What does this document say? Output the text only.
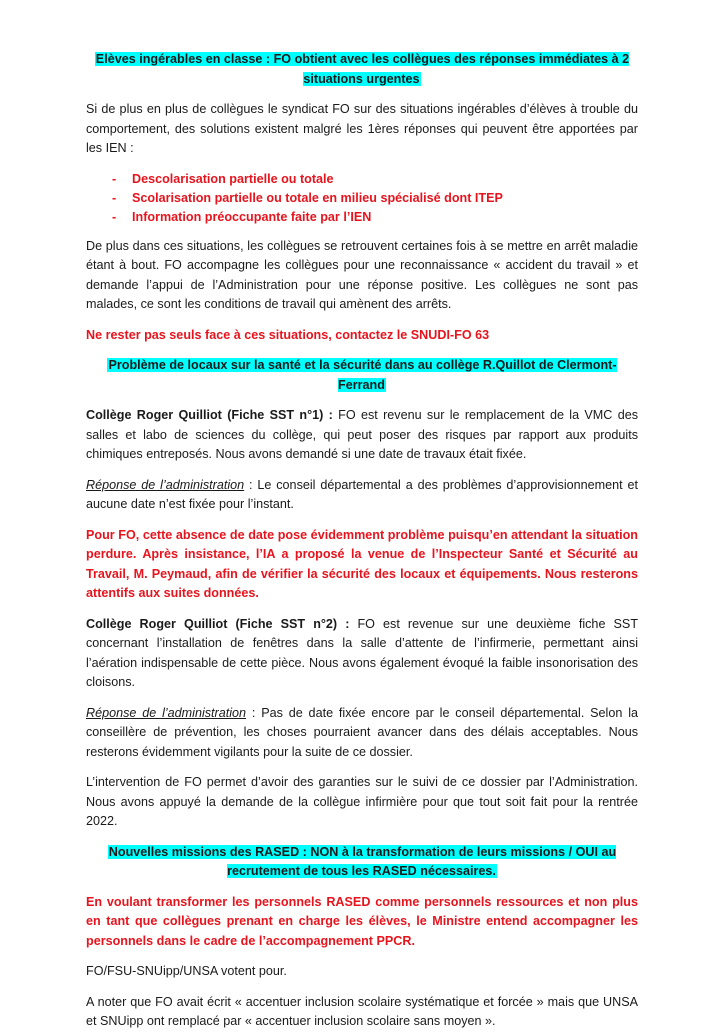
Elèves ingérables en classe : FO obtient avec les collègues des réponses immédiates à 2 situations urgentes

Si de plus en plus de collègues le syndicat FO sur des situations ingérables d’élèves à trouble du comportement, des solutions existent malgré les 1ères réponses qui peuvent être apportées par les IEN :

- Descolarisation partielle ou totale
- Scolarisation partielle ou totale en milieu spécialisé dont ITEP
- Information préoccupante faite par l’IEN

De plus dans ces situations, les collègues se retrouvent certaines fois à se mettre en arrêt maladie étant à bout. FO accompagne les collègues pour une reconnaissance « accident du travail » et demande l’appui de l’Administration pour une réponse positive. Les collègues ne sont pas malades, ce sont les conditions de travail qui amènent des arrêts.

Ne rester pas seuls face à ces situations, contactez le SNUDI-FO 63

Problème de locaux sur la santé et la sécurité dans au collège R.Quillot de Clermont-Ferrand

Collège Roger Quilliot (Fiche SST n°1) : FO est revenu sur le remplacement de la VMC des salles et labo de sciences du collège, qui peut poser des risques par rapport aux produits chimiques entreposés. Nous avons demandé si une date de travaux était fixée.

Réponse de l’administration : Le conseil départemental a des problèmes d’approvisionnement et aucune date n’est fixée pour l’instant.

Pour FO, cette absence de date pose évidemment problème puisqu’en attendant la situation perdure. Après insistance, l’IA a proposé la venue de l’Inspecteur Santé et Sécurité au Travail, M. Peymaud, afin de vérifier la sécurité des locaux et équipements. Nous resterons attentifs aux suites données.

Collège Roger Quilliot (Fiche SST n°2) : FO est revenue sur une deuxième fiche SST concernant l’installation de fenêtres dans la salle d’attente de l’infirmerie, permettant ainsi l’aération indispensable de cette pièce. Nous avons également évoqué la faible insonorisation des cloisons.

Réponse de l’administration : Pas de date fixée encore par le conseil départemental. Selon la conseillère de prévention, les choses pourraient avancer dans des délais acceptables. Nous resterons évidemment vigilants pour la suite de ce dossier.

L’intervention de FO permet d’avoir des garanties sur le suivi de ce dossier par l’Administration. Nous avons appuyé la demande de la collègue infirmière pour que tout soit fait pour la rentrée 2022.

Nouvelles missions des RASED : NON à la transformation de leurs missions / OUI au recrutement de tous les RASED nécessaires.

En voulant transformer les personnels RASED comme personnels ressources et non plus en tant que collègues prenant en charge les élèves, le Ministre entend accompagner les personnels dans le cadre de l’accompagnement PPCR.

FO/FSU-SNUipp/UNSA votent pour.

A noter que FO avait écrit « accentuer inclusion scolaire systématique et forcée » mais que UNSA et SNUipp ont remplacé par « accentuer inclusion scolaire sans moyen ».
